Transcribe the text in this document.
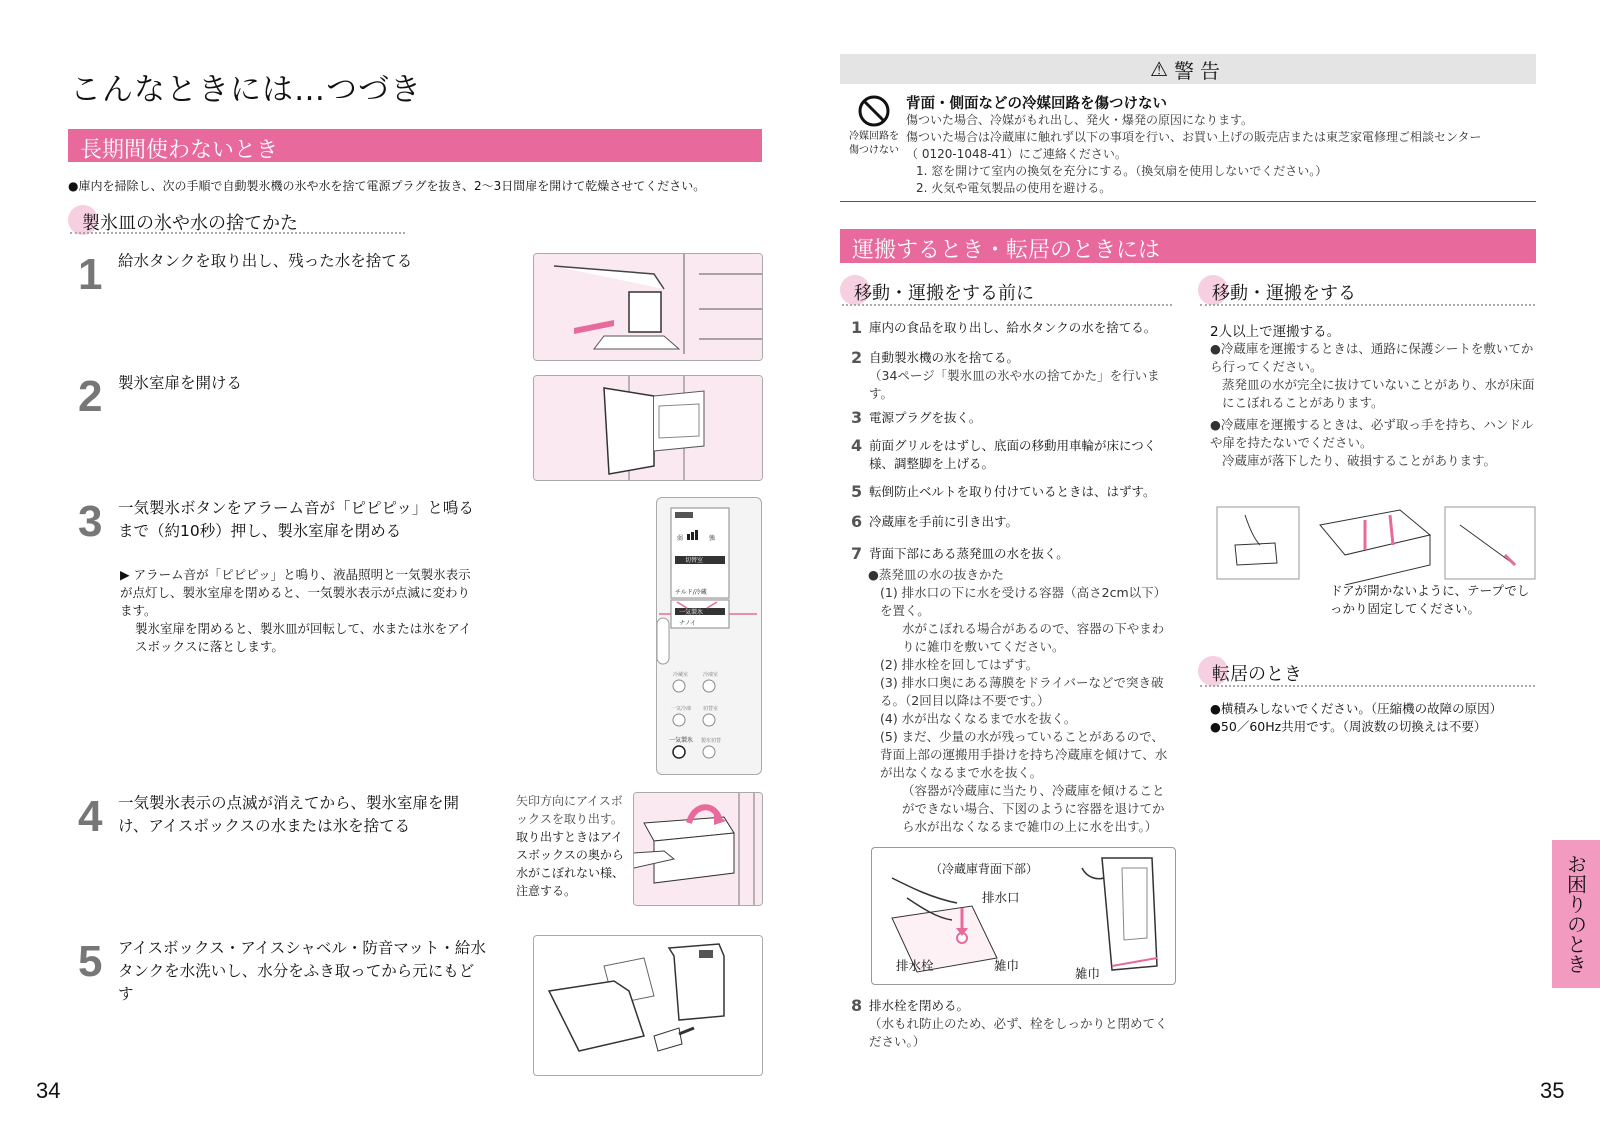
こんなときには…つづき
長期間使わないとき
●庫内を掃除し、次の手順で自動製氷機の氷や水を捨て電源プラグを抜き、2〜3日間扉を開けて乾燥させてください。
製氷皿の氷や水の捨てかた
1 給水タンクを取り出し、残った水を捨てる
2 製氷室扉を開ける
3 一気製氷ボタンをアラーム音が「ピピピッ」と鳴るまで（約10秒）押し、製氷室扉を閉める
▶ アラーム音が「ピピピッ」と鳴り、液晶照明と一気製氷表示が点灯し、製氷室扉を閉めると、一気製氷表示が点滅に変わります。
製氷室扉を閉めると、製氷皿が回転して、水または氷をアイスボックスに落とします。
弱	強
切替室
チルド/冷蔵
一気製氷
ナノイ
冷蔵室	冷凍室
一気冷凍 切替室
一気製氷 製氷切替
4 一気製氷表示の点滅が消えてから、製氷室扉を開け、アイスボックスの水または氷を捨てる
矢印方向にアイスボックスを取り出す。
取り出すときはアイスボックスの奥から水がこぼれない様、注意する。
5 アイスボックス・アイスシャベル・防音マット・給水タンクを水洗いし、水分をふき取ってから元にもどす
34
⚠ 警告
冷媒回路を傷つけない
背面・側面などの冷媒回路を傷つけない
傷ついた場合、冷媒がもれ出し、発火・爆発の原因になります。
傷ついた場合は冷蔵庫に触れず以下の事項を行い、お買い上げの販売店または東芝家電修理ご相談センター
（ 0120-1048-41）にご連絡ください。
1. 窓を開けて室内の換気を充分にする。（換気扇を使用しないでください。）
2. 火気や電気製品の使用を避ける。
運搬するとき・転居のときには
移動・運搬をする前に	移動・運搬をする
1 庫内の食品を取り出し、給水タンクの水を捨てる。
2 自動製氷機の氷を捨てる。
（34ページ「製氷皿の氷や水の捨てかた」を行います。
3 電源プラグを抜く。
4 前面グリルをはずし、底面の移動用車輪が床につく様、調整脚を上げる。
5 転倒防止ベルトを取り付けているときは、はずす。
6 冷蔵庫を手前に引き出す。
7 背面下部にある蒸発皿の水を抜く。
●蒸発皿の水の抜きかた
(1) 排水口の下に水を受ける容器（高さ2cm以下）を置く。
水がこぼれる場合があるので、容器の下やまわりに雑巾を敷いてください。
(2) 排水栓を回してはずす。
(3) 排水口奥にある薄膜をドライバーなどで突き破る。（2回目以降は不要です。）
(4) 水が出なくなるまで水を抜く。
(5) まだ、少量の水が残っていることがあるので、背面上部の運搬用手掛けを持ち冷蔵庫を傾けて、水が出なくなるまで水を抜く。
（容器が冷蔵庫に当たり、冷蔵庫を傾けることができない場合、下図のように容器を退けてから水が出なくなるまで雑巾の上に水を出す。）
（冷蔵庫背面下部）
排水口
排水栓	雑巾
雑巾
8 排水栓を閉める。
（水もれ防止のため、必ず、栓をしっかりと閉めてください。）
2人以上で運搬する。
●冷蔵庫を運搬するときは、通路に保護シートを敷いてから行ってください。
蒸発皿の水が完全に抜けていないことがあり、水が床面にこぼれることがあります。
●冷蔵庫を運搬するときは、必ず取っ手を持ち、ハンドルや扉を持たないでください。
冷蔵庫が落下したり、破損することがあります。
ドアが開かないように、テープでしっかり固定してください。
転居のとき
●横積みしないでください。（圧縮機の故障の原因）
●50／60Hz共用です。（周波数の切換えは不要）
お困りのとき
35
